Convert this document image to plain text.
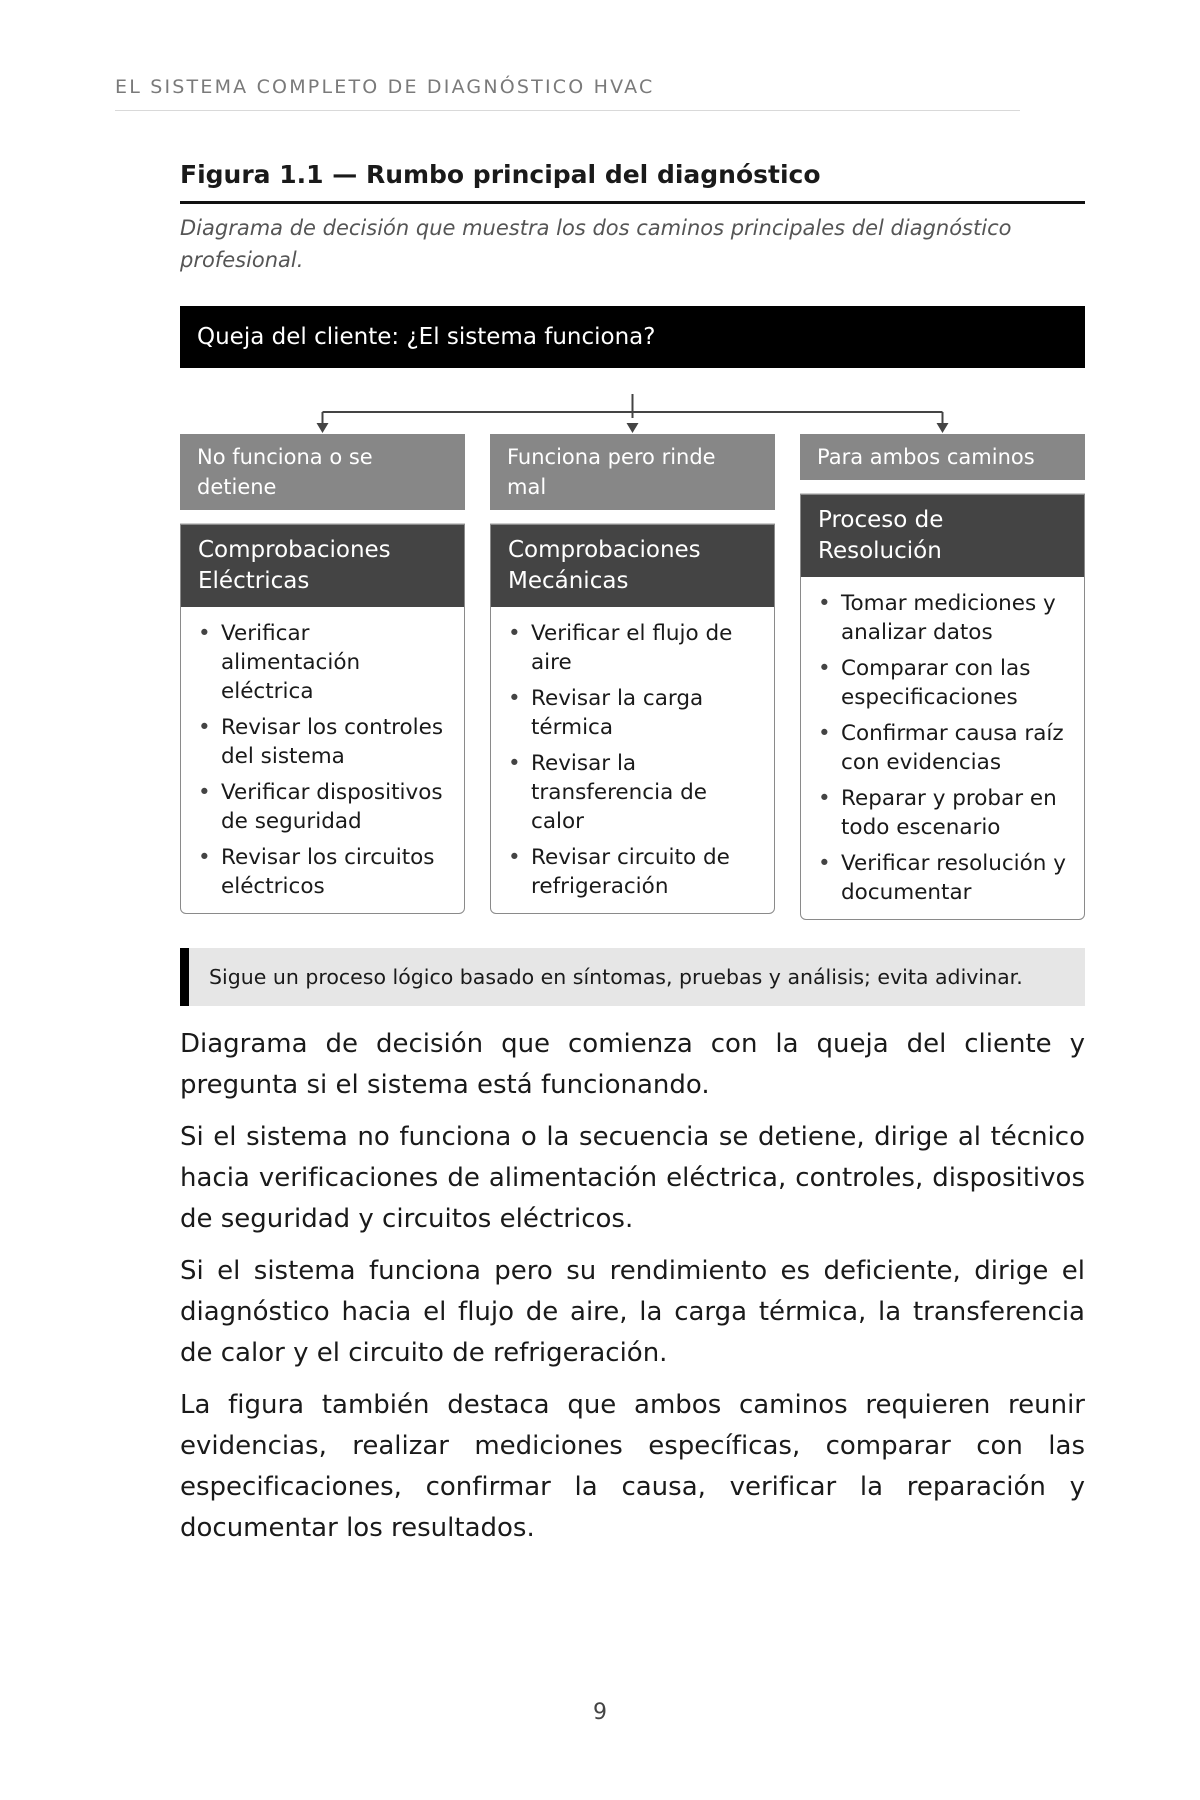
EL SISTEMA COMPLETO DE DIAGNÓSTICO HVAC
Figura 1.1 — Rumbo principal del diagnóstico
Diagrama de decisión que muestra los dos caminos principales del diagnóstico profesional.
Queja del cliente: ¿El sistema funciona?
No funciona o se detiene
Comprobaciones Eléctricas
• Verificar alimentación eléctrica
• Revisar los controles del sistema
• Verificar dispositivos de seguridad
• Revisar los circuitos eléctricos
Funciona pero rinde mal
Comprobaciones Mecánicas
• Verificar el flujo de aire
• Revisar la carga térmica
• Revisar la transferencia de calor
• Revisar circuito de refrigeración
Para ambos caminos
Proceso de Resolución
• Tomar mediciones y analizar datos
• Comparar con las especificaciones
• Confirmar causa raíz con evidencias
• Reparar y probar en todo escenario
• Verificar resolución y documentar
Sigue un proceso lógico basado en síntomas, pruebas y análisis; evita adivinar.

Diagrama de decisión que comienza con la queja del cliente y pregunta si el sistema está funcionando.

Si el sistema no funciona o la secuencia se detiene, dirige al técnico hacia verificaciones de alimentación eléctrica, controles, dispositivos de seguridad y circuitos eléctricos.

Si el sistema funciona pero su rendimiento es deficiente, dirige el diagnóstico hacia el flujo de aire, la carga térmica, la transferencia de calor y el circuito de refrigeración.

La figura también destaca que ambos caminos requieren reunir evidencias, realizar mediciones específicas, comparar con las especificaciones, confirmar la causa, verificar la reparación y documentar los resultados.

9
